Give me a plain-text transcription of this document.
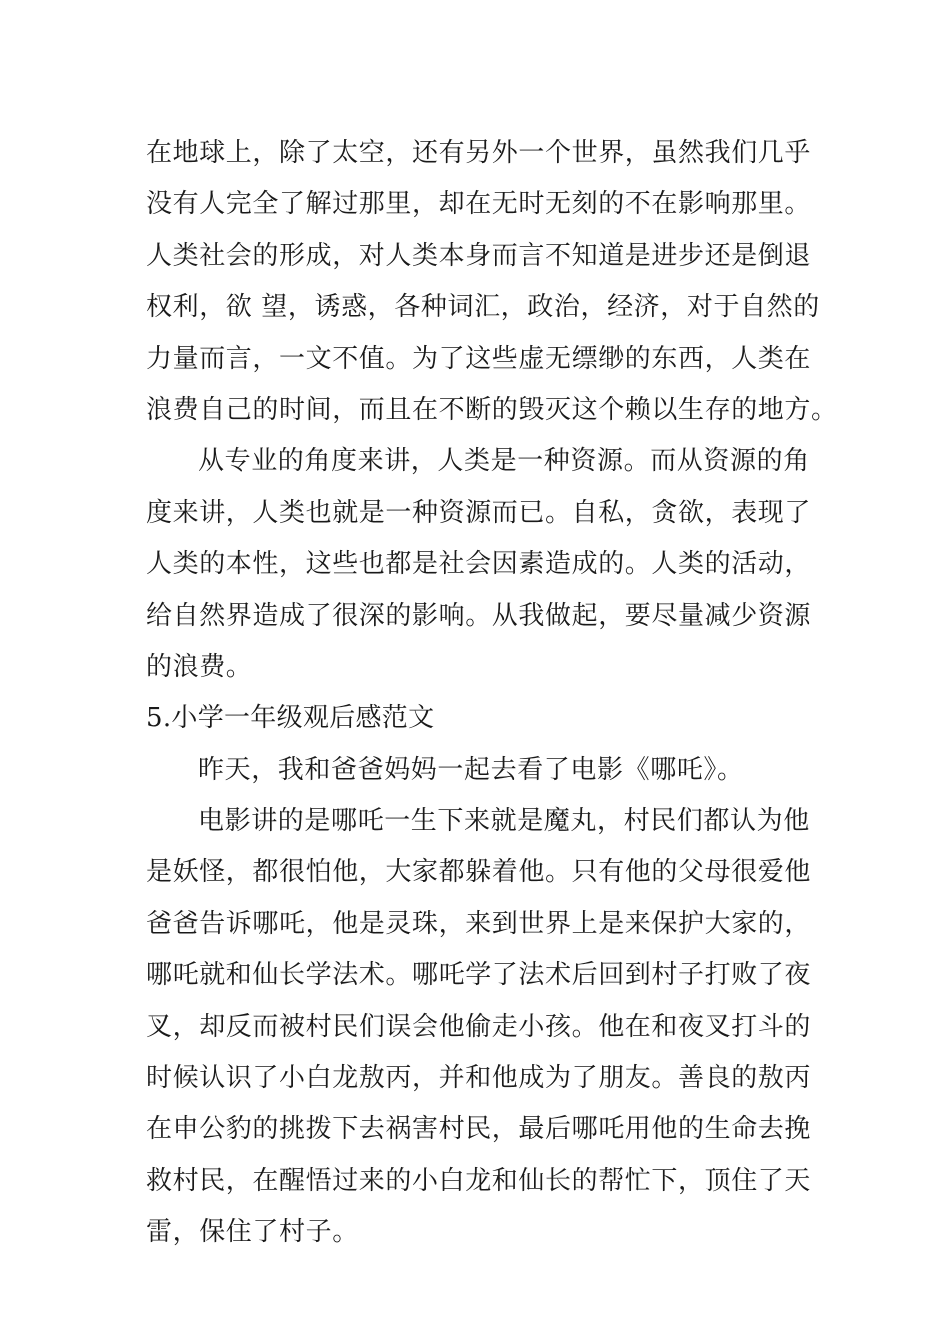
在地球上，除了太空，还有另外一个世界，虽然我们几乎
没有人完全了解过那里，却在无时无刻的不在影响那里。
人类社会的形成，对人类本身而言不知道是进步还是倒退
权利，欲 望，诱惑，各种词汇，政治，经济，对于自然的
力量而言，一文不值。为了这些虚无缥缈的东西，人类在
浪费自己的时间，而且在不断的毁灭这个赖以生存的地方。
从专业的角度来讲，人类是一种资源。而从资源的角
度来讲，人类也就是一种资源而已。自私，贪欲，表现了
人类的本性，这些也都是社会因素造成的。人类的活动，
给自然界造成了很深的影响。从我做起，要尽量减少资源
的浪费。
5.小学一年级观后感范文
昨天，我和爸爸妈妈一起去看了电影《哪吒》。
电影讲的是哪吒一生下来就是魔丸，村民们都认为他
是妖怪，都很怕他，大家都躲着他。只有他的父母很爱他
爸爸告诉哪吒，他是灵珠，来到世界上是来保护大家的，
哪吒就和仙长学法术。哪吒学了法术后回到村子打败了夜
叉，却反而被村民们误会他偷走小孩。他在和夜叉打斗的
时候认识了小白龙敖丙，并和他成为了朋友。善良的敖丙
在申公豹的挑拨下去祸害村民，最后哪吒用他的生命去挽
救村民，在醒悟过来的小白龙和仙长的帮忙下，顶住了天
雷，保住了村子。
